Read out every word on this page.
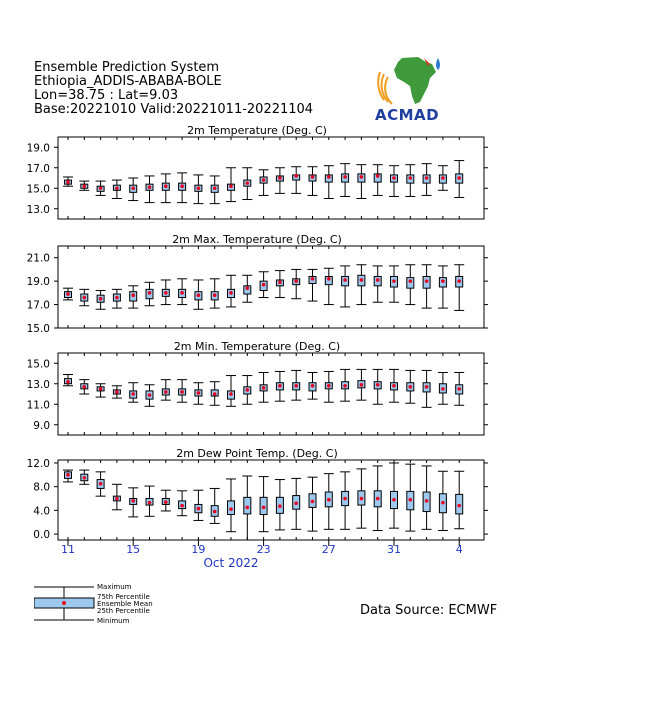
Ensemble Prediction System
Ethiopia_ADDIS-ABABA-BOLE
Lon=38.75 : Lat=9.03
Base:20221010 Valid:20221011-20221104	ACMAD
2m Temperature (Deg. C)
13.0
15.0
17.0
19.0
2m Max. Temperature (Deg. C)
15.0
17.0
19.0
21.0
2m Min. Temperature (Deg. C)
9.0
11.0
13.0
15.0
2m Dew Point Temp. (Deg. C)
0.0
4.0
8.0
12.0
11	15	19	23	27	31	4
Oct 2022
Maximum
75th Percentile
Ensemble Mean
25th Percentile
Minimum
Data Source: ECMWF
